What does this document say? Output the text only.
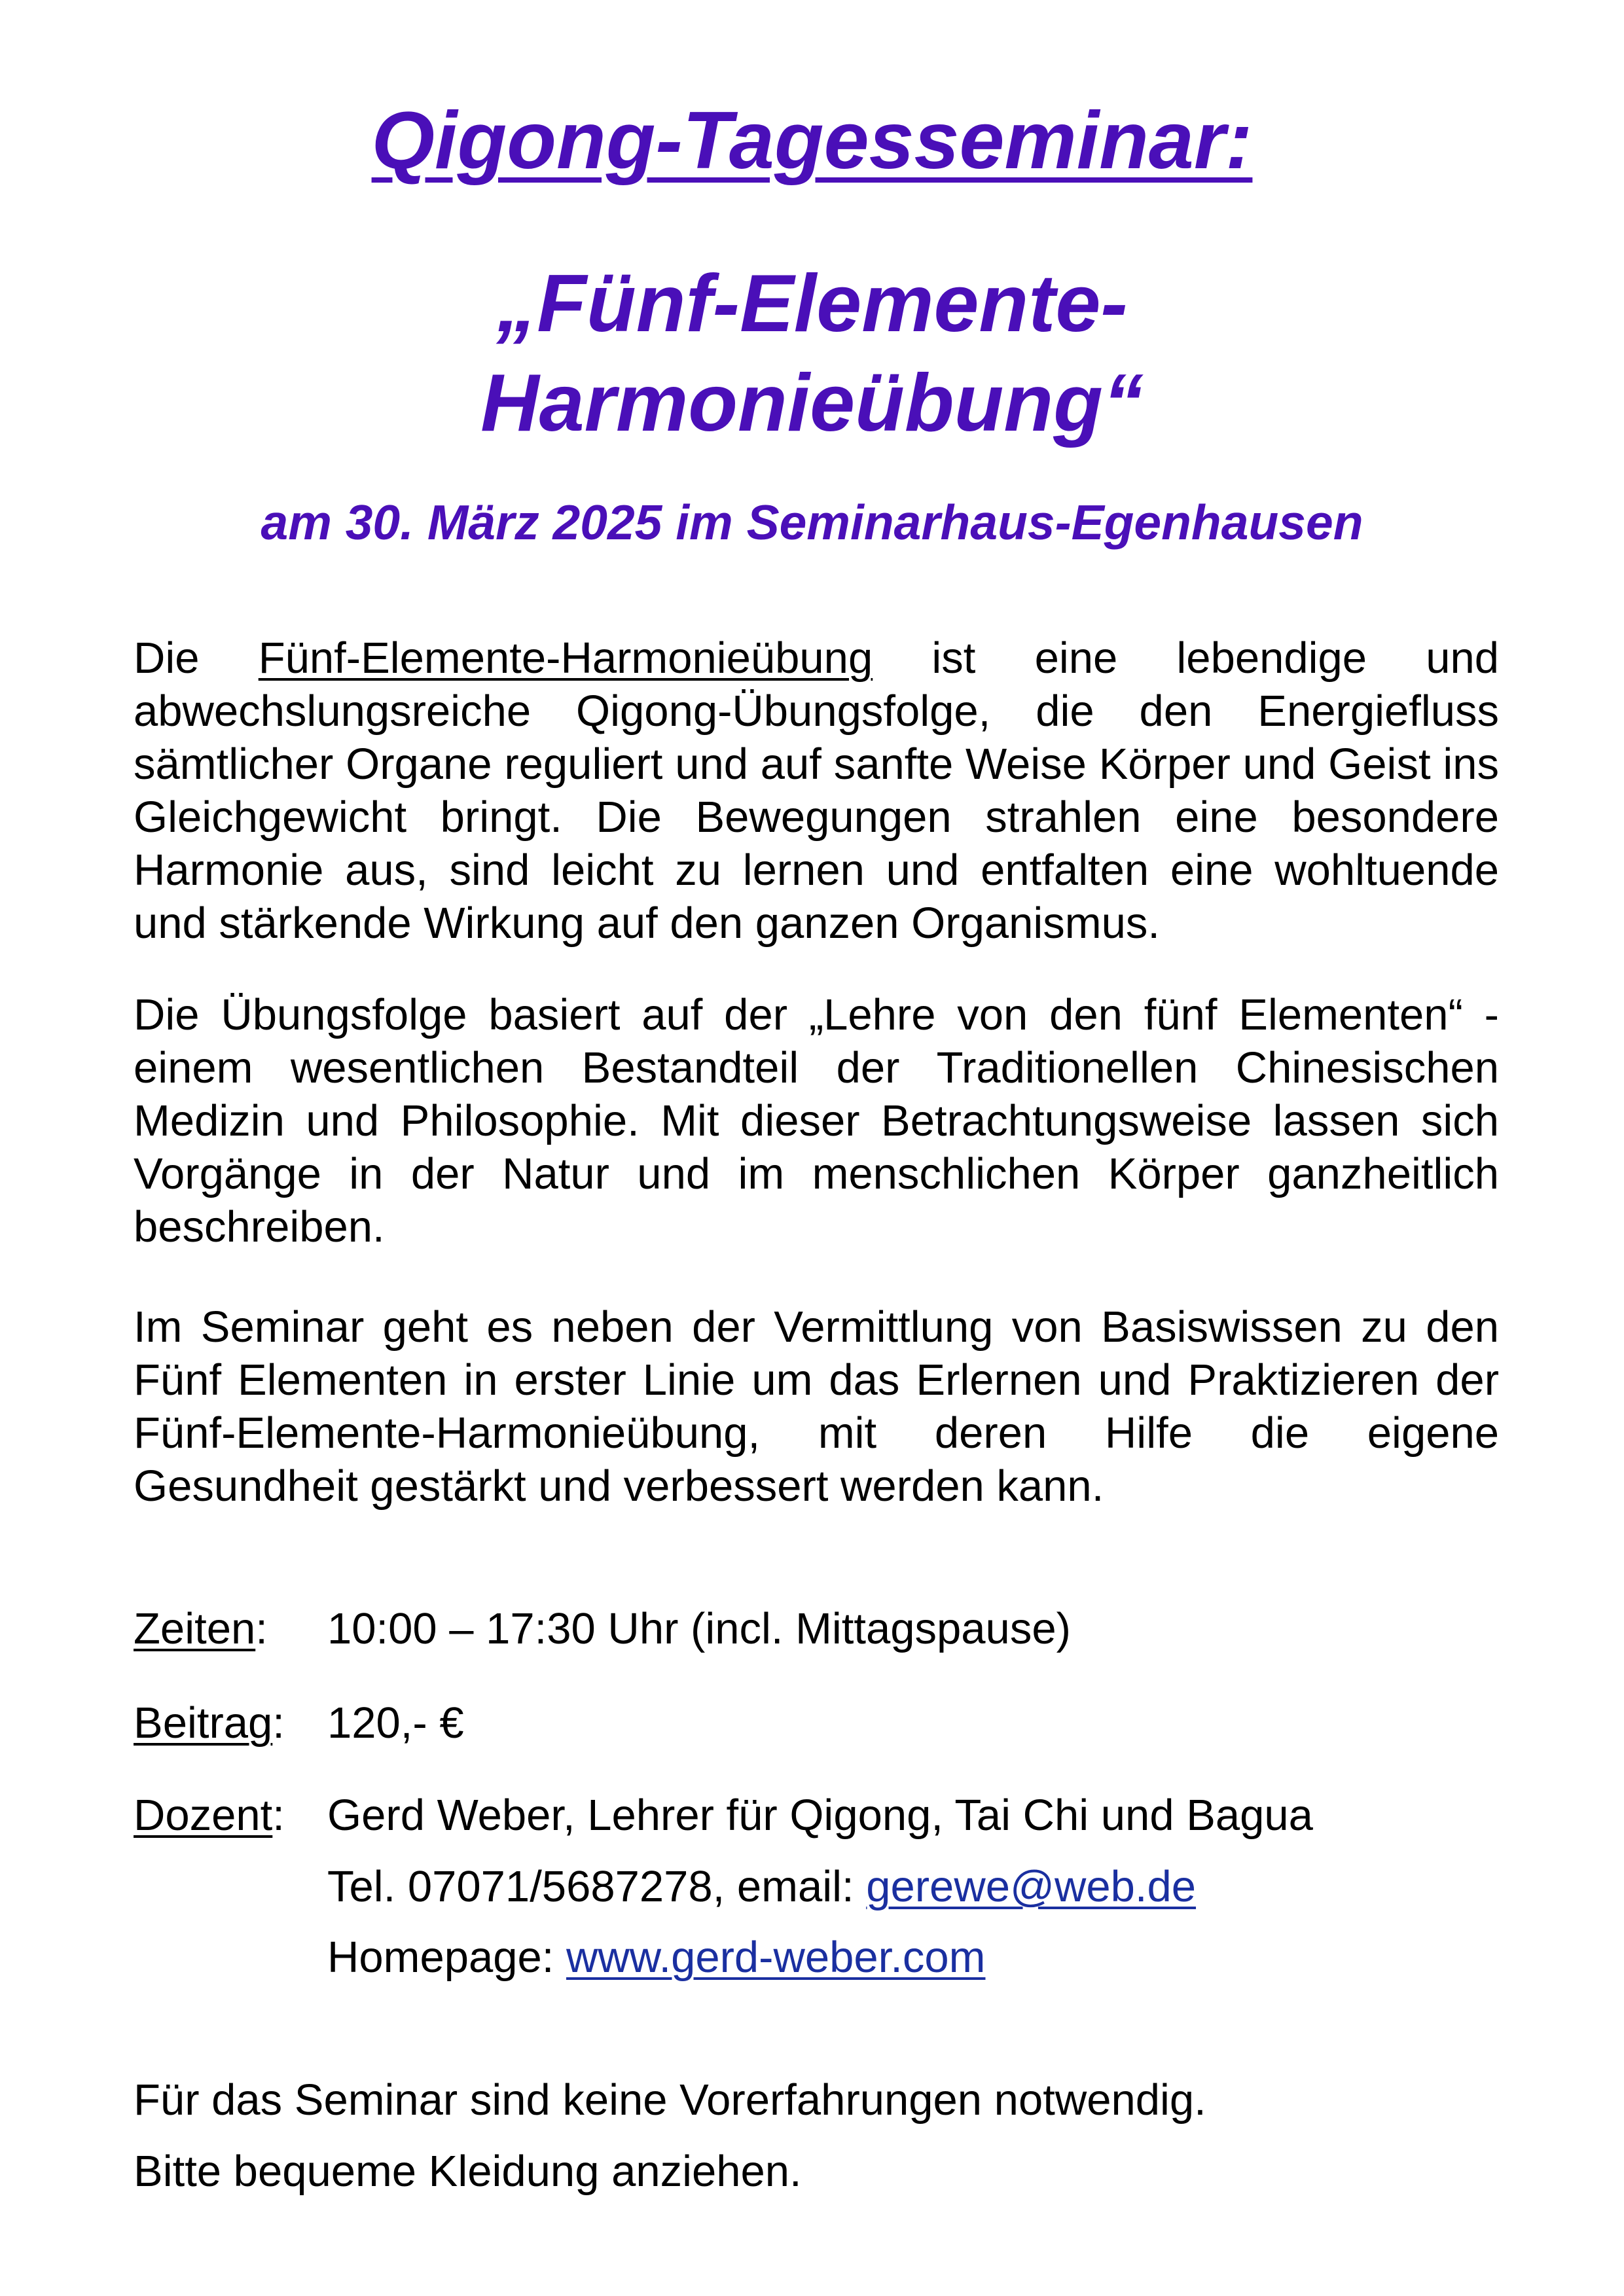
Qigong-Tagesseminar:
„Fünf-Elemente-
Harmonieübung“
am 30. März 2025 im Seminarhaus-Egenhausen

Die Fünf-Elemente-Harmonieübung ist eine lebendige und abwechslungsreiche Qigong-Übungsfolge, die den Energiefluss sämtlicher Organe reguliert und auf sanfte Weise Körper und Geist ins Gleichgewicht bringt. Die Bewegungen strahlen eine besondere Harmonie aus, sind leicht zu lernen und entfalten eine wohltuende und stärkende Wirkung auf den ganzen Organismus.

Die Übungsfolge basiert auf der „Lehre von den fünf Elementen“ - einem wesentlichen Bestandteil der Traditionellen Chinesischen Medizin und Philosophie. Mit dieser Betrachtungsweise lassen sich Vorgänge in der Natur und im menschlichen Körper ganzheitlich beschreiben.

Im Seminar geht es neben der Vermittlung von Basiswissen zu den Fünf Elementen in erster Linie um das Erlernen und Praktizieren der Fünf-Elemente-Harmonieübung, mit deren Hilfe die eigene Gesundheit gestärkt und verbessert werden kann.

Zeiten: 10:00 – 17:30 Uhr (incl. Mittagspause)
Beitrag: 120,- €
Dozent: Gerd Weber, Lehrer für Qigong, Tai Chi und Bagua
Tel. 07071/5687278, email: gerewe@web.de
Homepage: www.gerd-weber.com
Für das Seminar sind keine Vorerfahrungen notwendig.
Bitte bequeme Kleidung anziehen.
